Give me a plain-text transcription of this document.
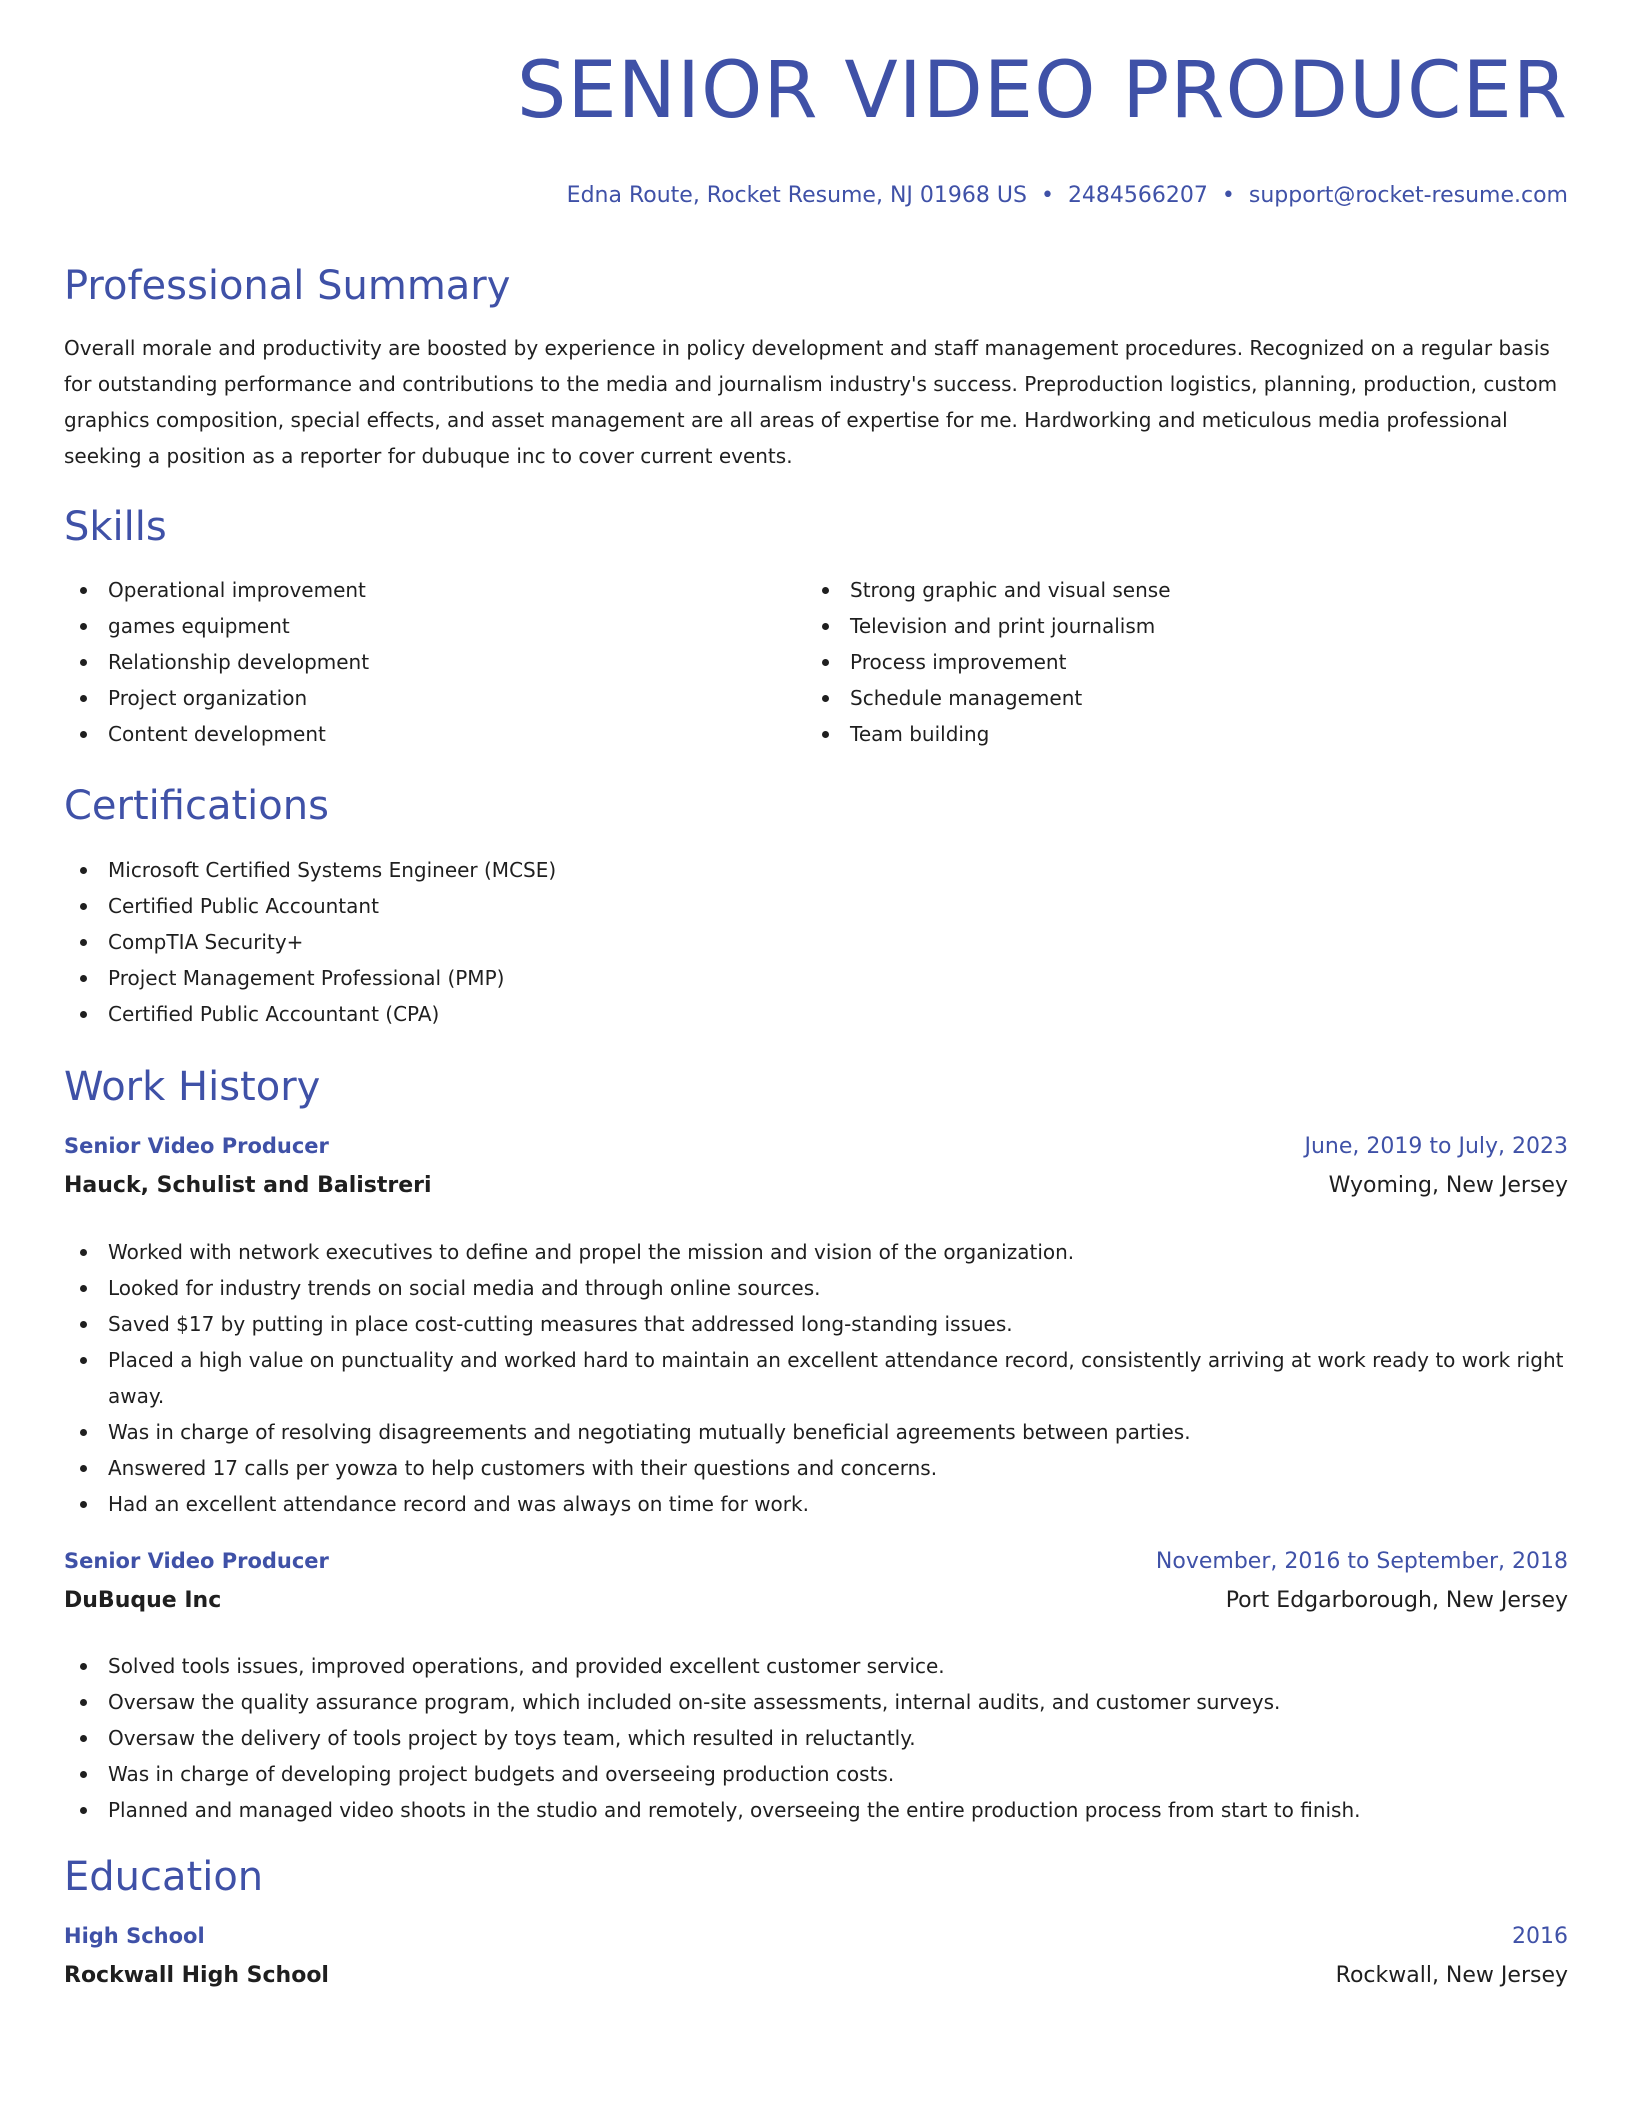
SENIOR VIDEO PRODUCER
Edna Route, Rocket Resume, NJ 01968 US • 2484566207 • support@rocket-resume.com
Professional Summary

Overall morale and productivity are boosted by experience in policy development and staff management procedures. Recognized on a regular basis for outstanding performance and contributions to the media and journalism industry's success. Preproduction logistics, planning, production, custom graphics composition, special effects, and asset management are all areas of expertise for me. Hardworking and meticulous media professional seeking a position as a reporter for dubuque inc to cover current events.

Skills
Operational improvement
games equipment
Relationship development
Project organization
Content development
Strong graphic and visual sense
Television and print journalism
Process improvement
Schedule management
Team building
Certifications
Microsoft Certified Systems Engineer (MCSE)
Certified Public Accountant
CompTIA Security+
Project Management Professional (PMP)
Certified Public Accountant (CPA)
Work History
Senior Video Producer	June, 2019 to July, 2023
Hauck, Schulist and Balistreri	Wyoming, New Jersey
Worked with network executives to define and propel the mission and vision of the organization.
Looked for industry trends on social media and through online sources.
Saved $17 by putting in place cost-cutting measures that addressed long-standing issues.
Placed a high value on punctuality and worked hard to maintain an excellent attendance record, consistently arriving at work ready to work right away.
Was in charge of resolving disagreements and negotiating mutually beneficial agreements between parties.
Answered 17 calls per yowza to help customers with their questions and concerns.
Had an excellent attendance record and was always on time for work.
Senior Video Producer	November, 2016 to September, 2018
DuBuque Inc	Port Edgarborough, New Jersey
Solved tools issues, improved operations, and provided excellent customer service.
Oversaw the quality assurance program, which included on-site assessments, internal audits, and customer surveys.
Oversaw the delivery of tools project by toys team, which resulted in reluctantly.
Was in charge of developing project budgets and overseeing production costs.
Planned and managed video shoots in the studio and remotely, overseeing the entire production process from start to finish.
Education
High School	2016
Rockwall High School	Rockwall, New Jersey
